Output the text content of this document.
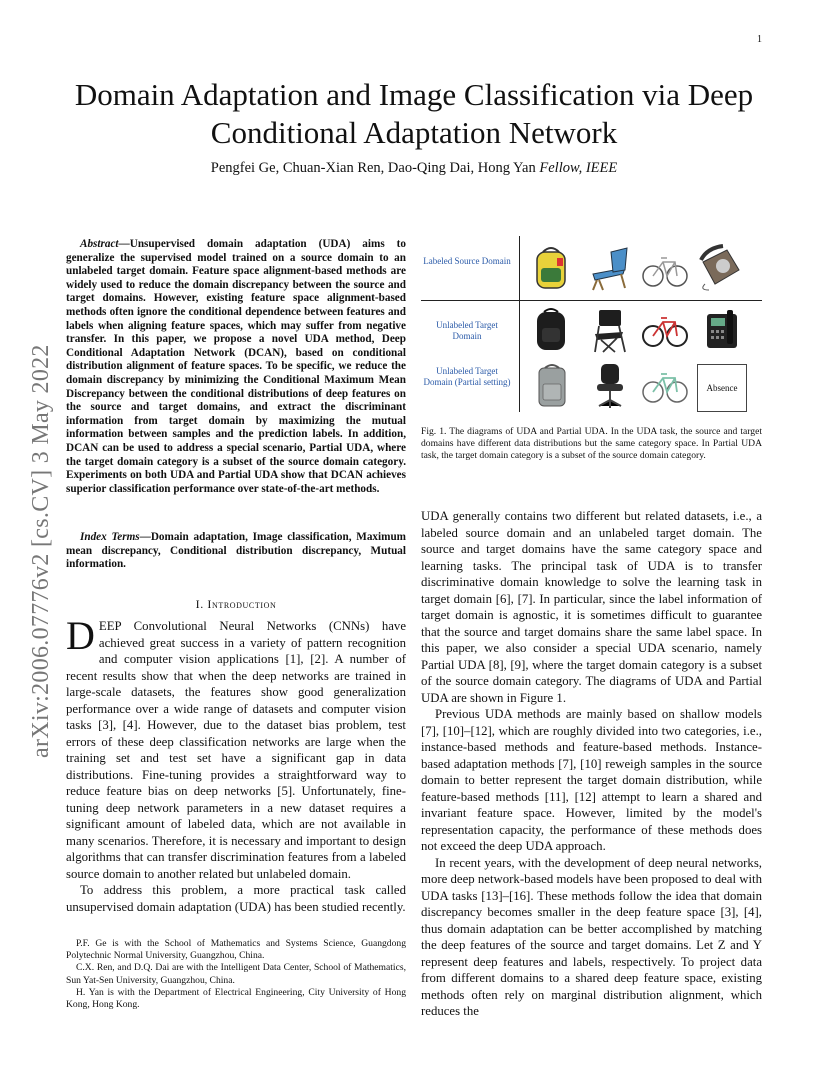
1
arXiv:2006.07776v2 [cs.CV] 3 May 2022
Domain Adaptation and Image Classification via Deep Conditional Adaptation Network
Pengfei Ge, Chuan-Xian Ren, Dao-Qing Dai, Hong Yan Fellow, IEEE
Abstract—Unsupervised domain adaptation (UDA) aims to generalize the supervised model trained on a source domain to an unlabeled target domain. Feature space alignment-based methods are widely used to reduce the domain discrepancy between the source and target domains. However, existing feature space alignment-based methods often ignore the conditional dependence between features and labels when aligning feature spaces, which may suffer from negative transfer. In this paper, we propose a novel UDA method, Deep Conditional Adaptation Network (DCAN), based on conditional distribution alignment of feature spaces. To be specific, we reduce the domain discrepancy by minimizing the Conditional Maximum Mean Discrepancy between the conditional distributions of deep features on the source and target domains, and extract the discriminant information from target domain by maximizing the mutual information between samples and the prediction labels. In addition, DCAN can be used to address a special scenario, Partial UDA, where the target domain category is a subset of the source domain category. Experiments on both UDA and Partial UDA show that DCAN achieves superior classification performance over state-of-the-art methods.
Index Terms—Domain adaptation, Image classification, Maximum mean discrepancy, Conditional distribution discrepancy, Mutual information.
I. Introduction

DEEP Convolutional Neural Networks (CNNs) have achieved great success in a variety of pattern recognition and computer vision applications [1], [2]. A number of recent results show that when the deep networks are trained in large-scale datasets, the features show good generalization performance over a wide range of datasets and computer vision tasks [3], [4]. However, due to the dataset bias problem, test errors of these deep classification networks are large when the training set and test set have a significant gap in data distributions. Fine-tuning provides a straightforward way to reduce feature bias on deep networks [5]. Unfortunately, fine-tuning deep network parameters in a new dataset requires a significant amount of labeled data, which are not available in many scenarios. Therefore, it is necessary and important to design algorithms that can transfer discrimination features from a labeled source domain to another related but unlabeled domain.

To address this problem, a more practical task called unsupervised domain adaptation (UDA) has been studied recently.

P.F. Ge is with the School of Mathematics and Systems Science, Guangdong Polytechnic Normal University, Guangzhou, China.

C.X. Ren, and D.Q. Dai are with the Intelligent Data Center, School of Mathematics, Sun Yat-Sen University, Guangzhou, China.

H. Yan is with the Department of Electrical Engineering, City University of Hong Kong, Hong Kong.

Labeled Source Domain
Unlabeled Target Domain
Unlabeled Target Domain (Partial setting)
Absence
Fig. 1. The diagrams of UDA and Partial UDA. In the UDA task, the source and target domains have different data distributions but the same category space. In Partial UDA task, the target domain category is a subset of the source domain category.

UDA generally contains two different but related datasets, i.e., a labeled source domain and an unlabeled target domain. The source and target domains have the same category space and learning tasks. The principal task of UDA is to transfer discriminative domain knowledge to solve the learning task in target domain [6], [7]. In particular, since the label information of target domain is agnostic, it is sometimes difficult to guarantee that the source and target domains share the same label space. In this paper, we also consider a special UDA scenario, namely Partial UDA [8], [9], where the target domain category is a subset of the source domain category. The diagrams of UDA and Partial UDA are shown in Figure 1.

Previous UDA methods are mainly based on shallow models [7], [10]–[12], which are roughly divided into two categories, i.e., instance-based methods and feature-based methods. Instance-based adaptation methods [7], [10] reweigh samples in the source domain to better represent the target domain distribution, while feature-based methods [11], [12] attempt to learn a shared and invariant feature space. However, limited by the model's representation capacity, the performance of these methods does not exceed the deep UDA approach.

In recent years, with the development of deep neural networks, more deep network-based models have been proposed to deal with UDA tasks [13]–[16]. These methods follow the idea that domain discrepancy becomes smaller in the deep feature space [3], [4], thus domain adaptation can be better accomplished by matching the deep features of the source and target domains. Let Z and Y represent deep features and labels, respectively. To project data from different domains to a shared deep feature space, existing methods often rely on marginal distribution alignment, which reduces the
